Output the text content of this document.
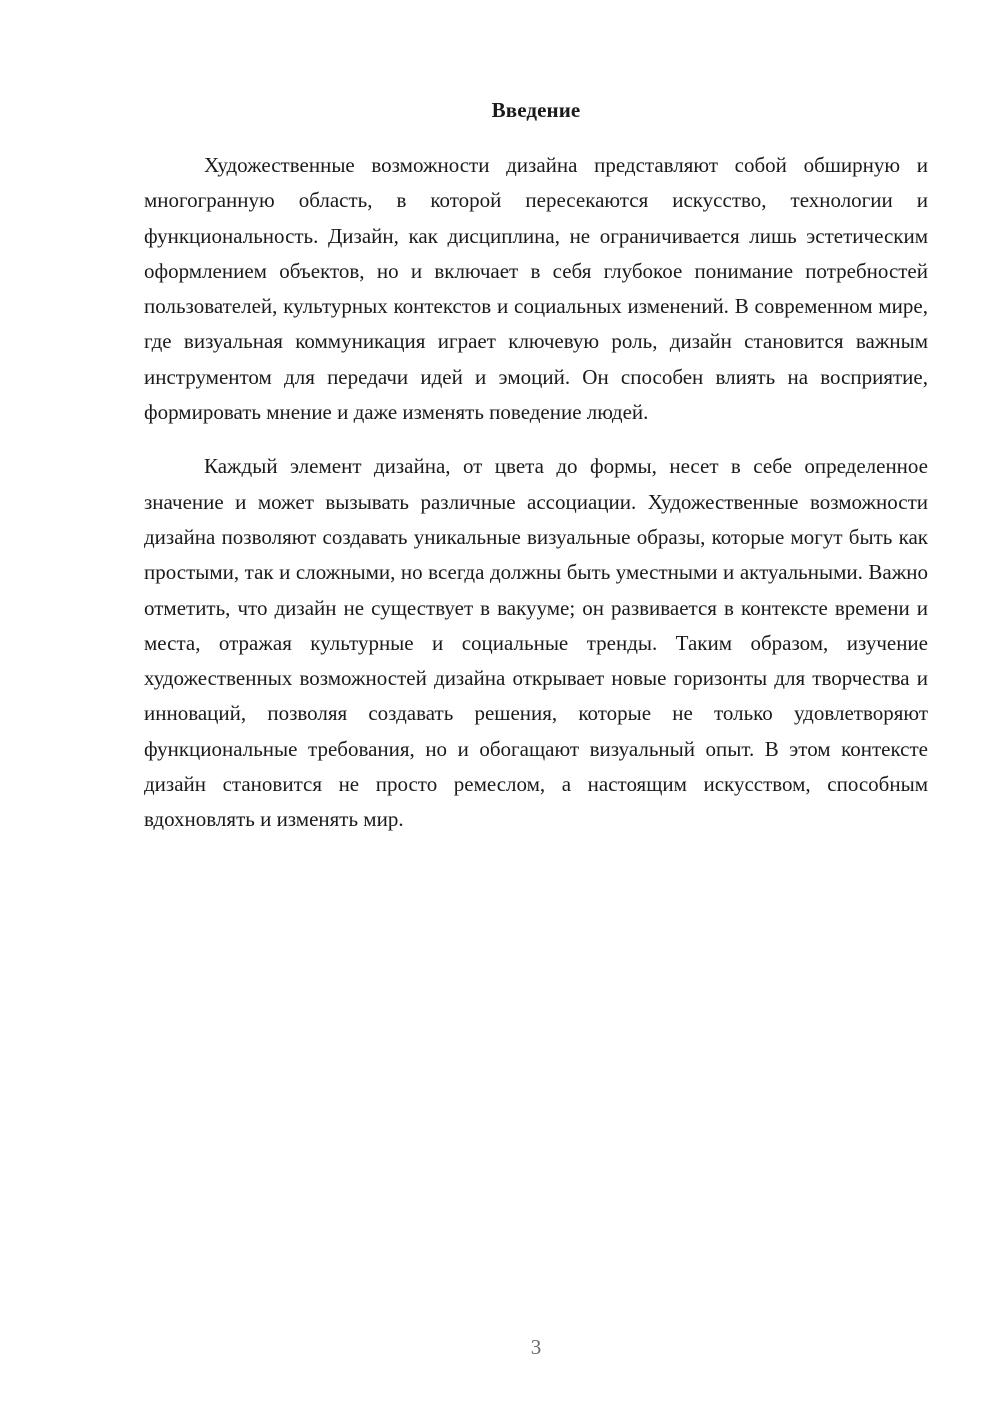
Введение

Художественные возможности дизайна представляют собой обширную и многогранную область, в которой пересекаются искусство, технологии и функциональность. Дизайн, как дисциплина, не ограничивается лишь эстетическим оформлением объектов, но и включает в себя глубокое понимание потребностей пользователей, культурных контекстов и социальных изменений. В современном мире, где визуальная коммуникация играет ключевую роль, дизайн становится важным инструментом для передачи идей и эмоций. Он способен влиять на восприятие, формировать мнение и даже изменять поведение людей.

Каждый элемент дизайна, от цвета до формы, несет в себе определенное значение и может вызывать различные ассоциации. Художественные возможности дизайна позволяют создавать уникальные визуальные образы, которые могут быть как простыми, так и сложными, но всегда должны быть уместными и актуальными. Важно отметить, что дизайн не существует в вакууме; он развивается в контексте времени и места, отражая культурные и социальные тренды. Таким образом, изучение художественных возможностей дизайна открывает новые горизонты для творчества и инноваций, позволяя создавать решения, которые не только удовлетворяют функциональные требования, но и обогащают визуальный опыт. В этом контексте дизайн становится не просто ремеслом, а настоящим искусством, способным вдохновлять и изменять мир.

3
